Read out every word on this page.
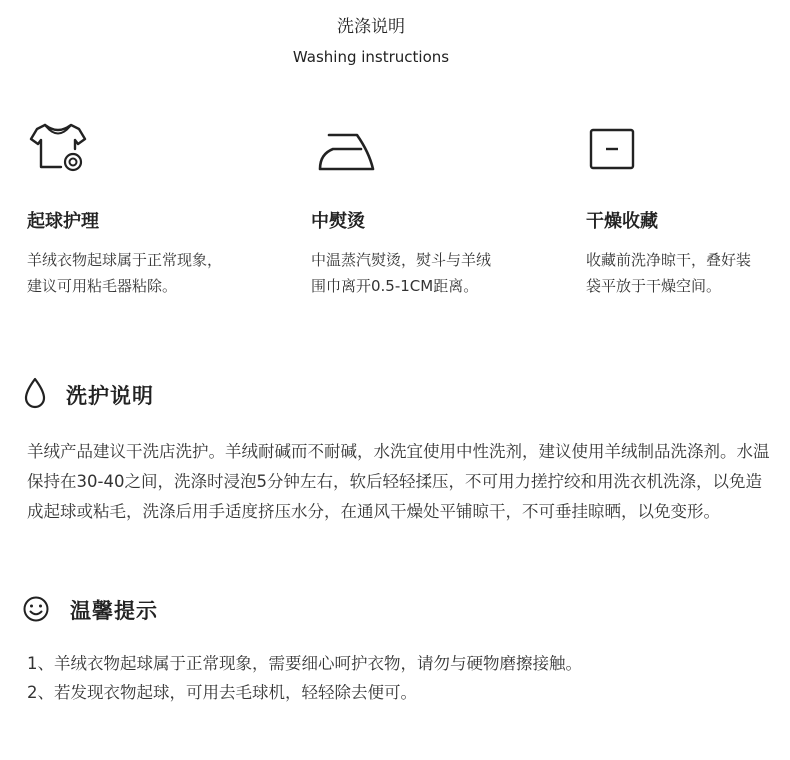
洗涤说明
Washing instructions
起球护理
羊绒衣物起球属于正常现象，
建议可用粘毛器粘除。
中熨烫
中温蒸汽熨烫，熨斗与羊绒
围巾离开0.5-1CM距离。
干燥收藏
收藏前洗净晾干，叠好装
袋平放于干燥空间。
洗护说明
羊绒产品建议干洗店洗护。羊绒耐碱而不耐碱，水洗宜使用中性洗剂，建议使用羊绒制品洗涤剂。水温保持在30-40之间，洗涤时浸泡5分钟左右，软后轻轻揉压，不可用力搓拧绞和用洗衣机洗涤，以免造成起球或粘毛，洗涤后用手适度挤压水分，在通风干燥处平铺晾干，不可垂挂晾晒，以免变形。
温馨提示
1、羊绒衣物起球属于正常现象，需要细心呵护衣物，请勿与硬物磨擦接触。
2、若发现衣物起球，可用去毛球机，轻轻除去便可。
